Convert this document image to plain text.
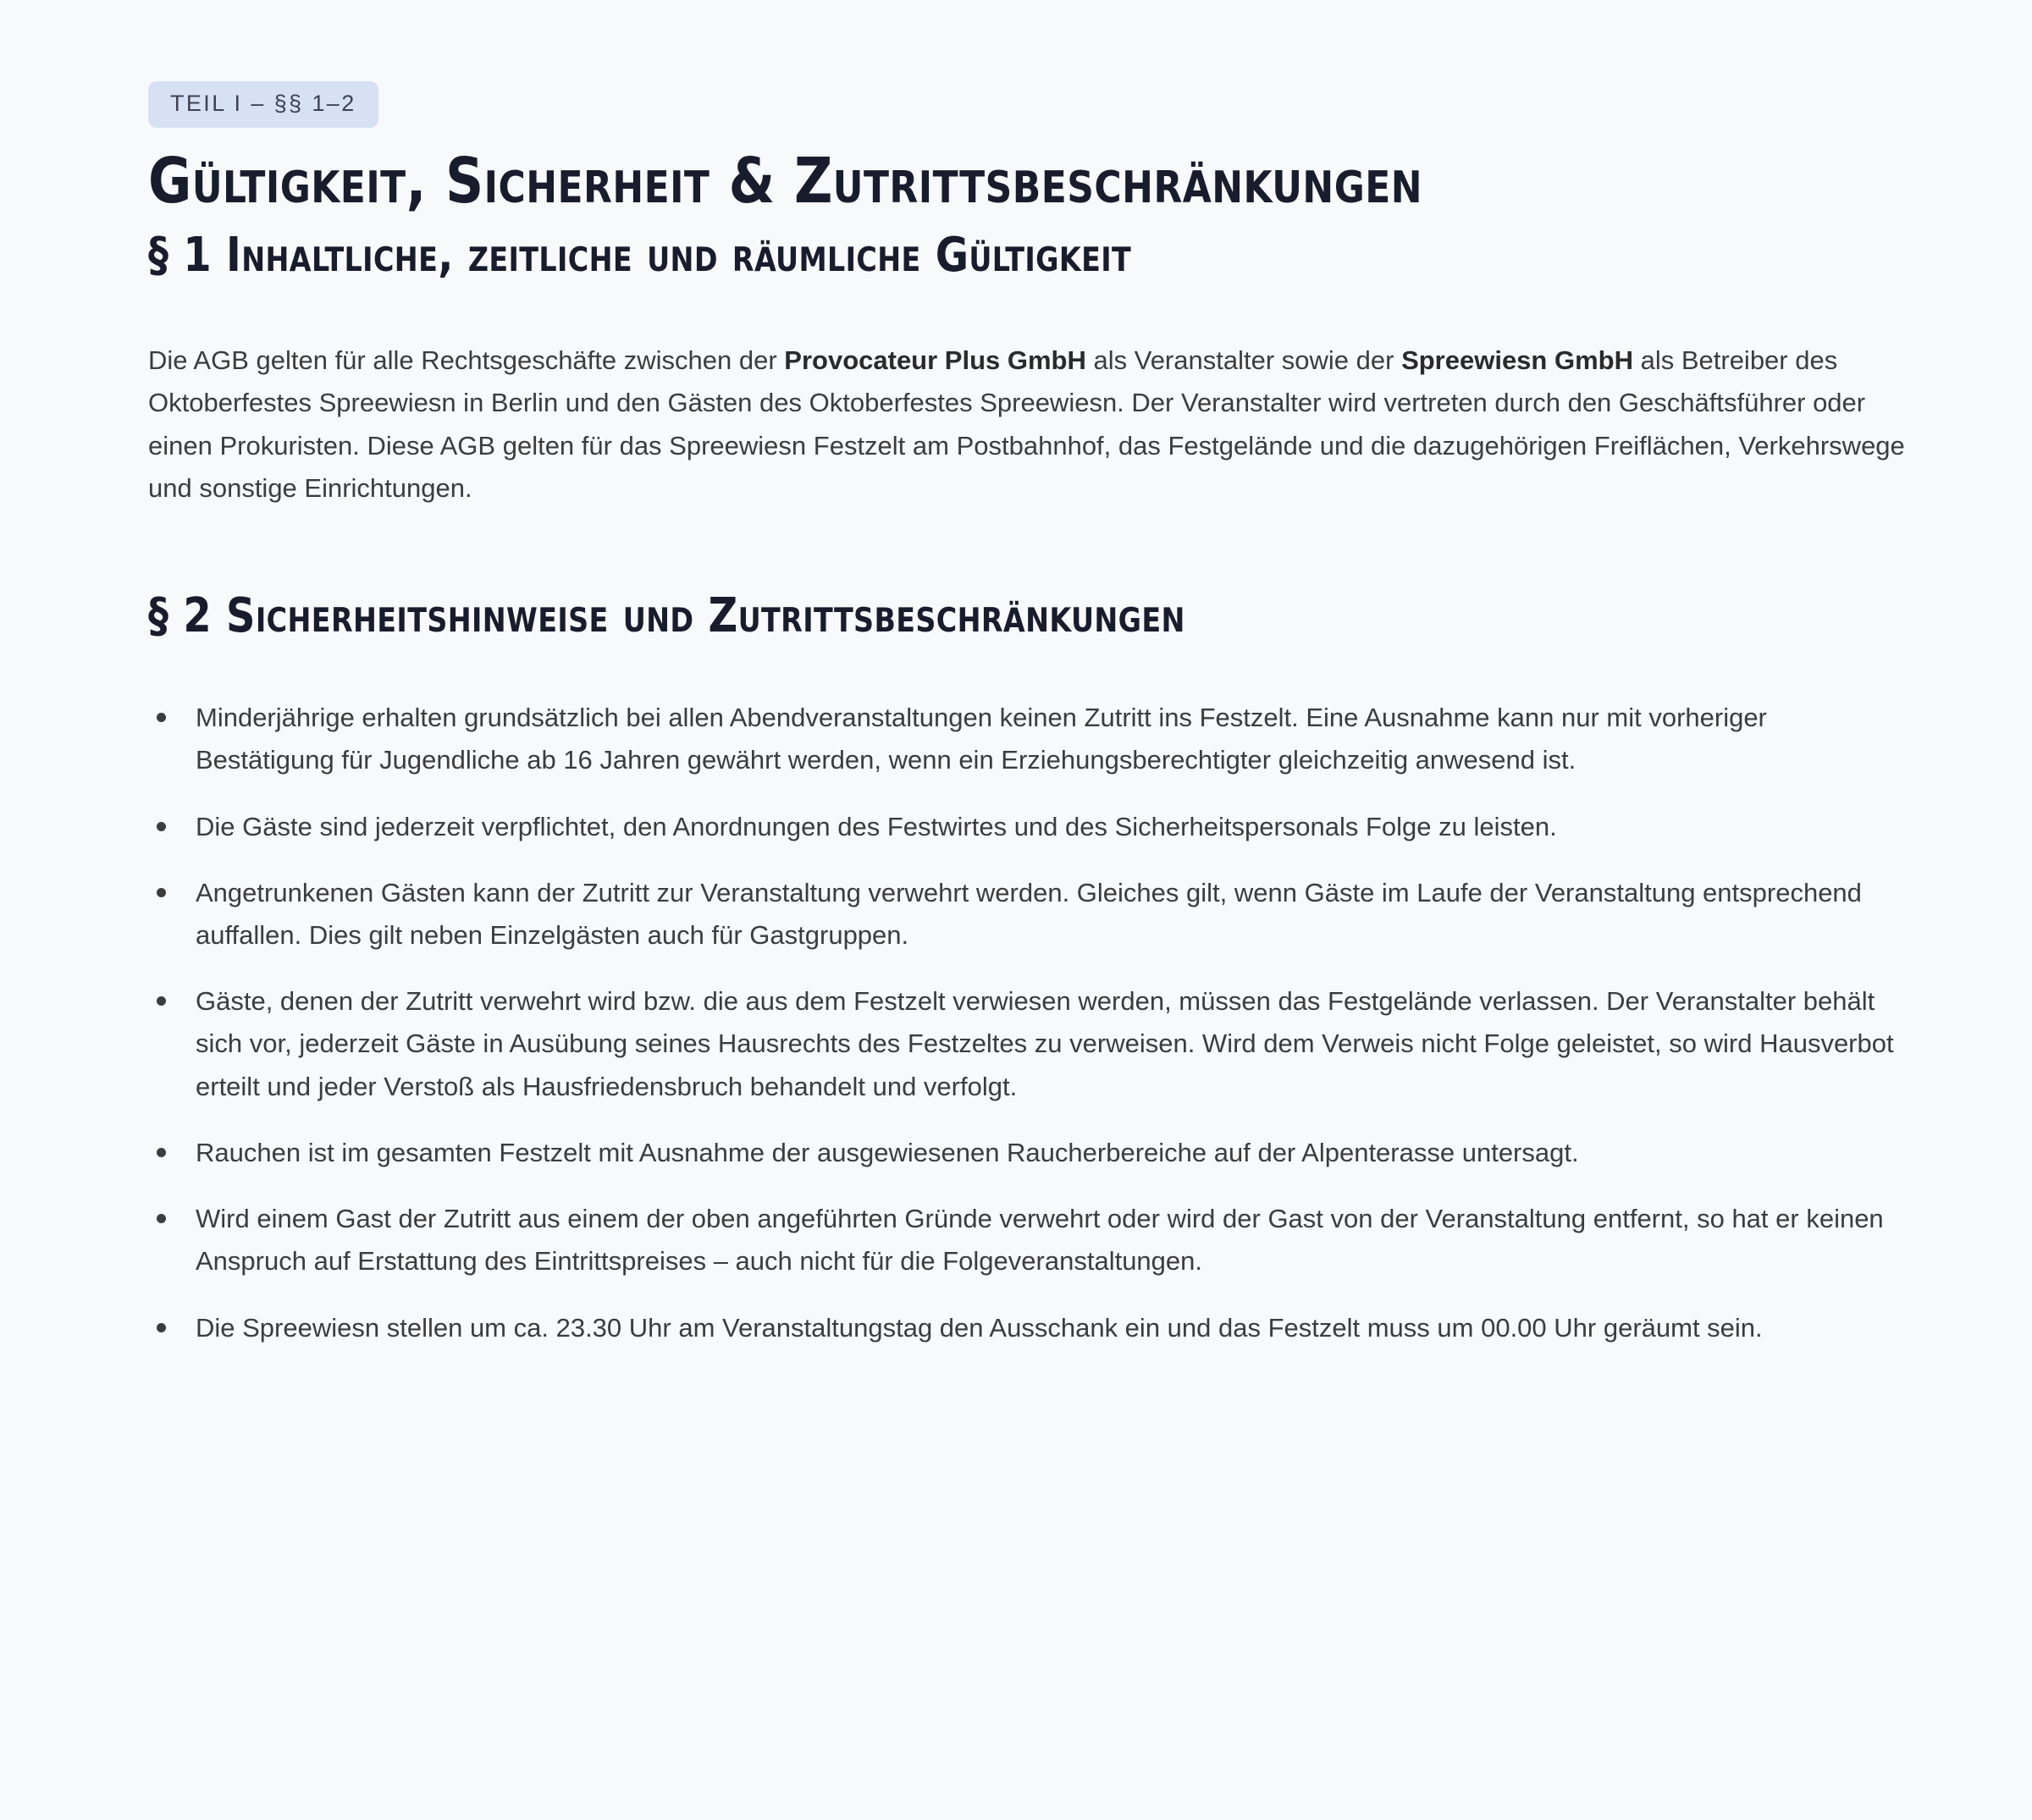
TEIL I – §§ 1–2
Gültigkeit, Sicherheit & Zutrittsbeschränkungen
§ 1 Inhaltliche, zeitliche und räumliche Gültigkeit

Die AGB gelten für alle Rechtsgeschäfte zwischen der Provocateur Plus GmbH als Veranstalter sowie der Spreewiesn GmbH als Betreiber des Oktoberfestes Spreewiesn in Berlin und den Gästen des Oktoberfestes Spreewiesn. Der Veranstalter wird vertreten durch den Geschäftsführer oder einen Prokuristen. Diese AGB gelten für das Spreewiesn Festzelt am Postbahnhof, das Festgelände und die dazugehörigen Freiflächen, Verkehrswege und sonstige Einrichtungen.

§ 2 Sicherheitshinweise und Zutrittsbeschränkungen
Minderjährige erhalten grundsätzlich bei allen Abendveranstaltungen keinen Zutritt ins Festzelt. Eine Ausnahme kann nur mit vorheriger Bestätigung für Jugendliche ab 16 Jahren gewährt werden, wenn ein Erziehungsberechtigter gleichzeitig anwesend ist.
Die Gäste sind jederzeit verpflichtet, den Anordnungen des Festwirtes und des Sicherheitspersonals Folge zu leisten.
Angetrunkenen Gästen kann der Zutritt zur Veranstaltung verwehrt werden. Gleiches gilt, wenn Gäste im Laufe der Veranstaltung entsprechend auffallen. Dies gilt neben Einzelgästen auch für Gastgruppen.
Gäste, denen der Zutritt verwehrt wird bzw. die aus dem Festzelt verwiesen werden, müssen das Festgelände verlassen. Der Veranstalter behält sich vor, jederzeit Gäste in Ausübung seines Hausrechts des Festzeltes zu verweisen. Wird dem Verweis nicht Folge geleistet, so wird Hausverbot erteilt und jeder Verstoß als Hausfriedensbruch behandelt und verfolgt.
Rauchen ist im gesamten Festzelt mit Ausnahme der ausgewiesenen Raucherbereiche auf der Alpenterasse untersagt.
Wird einem Gast der Zutritt aus einem der oben angeführten Gründe verwehrt oder wird der Gast von der Veranstaltung entfernt, so hat er keinen Anspruch auf Erstattung des Eintrittspreises – auch nicht für die Folgeveranstaltungen.
Die Spreewiesn stellen um ca. 23.30 Uhr am Veranstaltungstag den Ausschank ein und das Festzelt muss um 00.00 Uhr geräumt sein.
